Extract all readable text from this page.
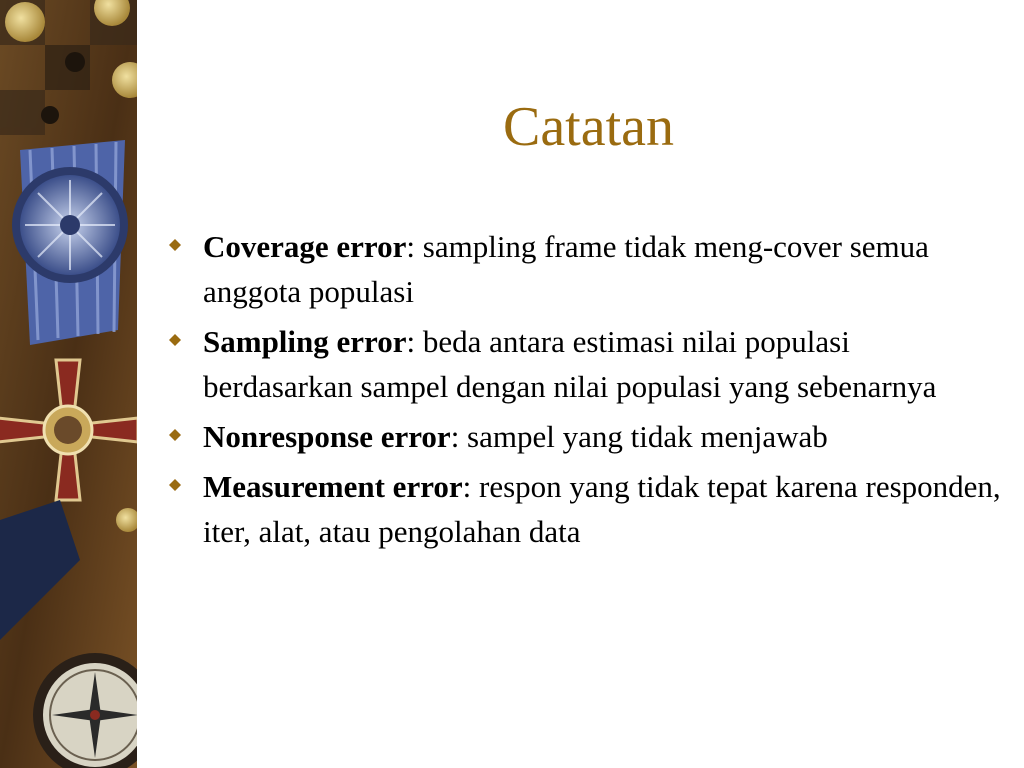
Catatan
Coverage error: sampling frame tidak meng-cover semua anggota populasi
Sampling error: beda antara estimasi nilai populasi berdasarkan sampel dengan nilai populasi yang sebenarnya
Nonresponse error: sampel yang tidak menjawab
Measurement error: respon yang tidak tepat karena responden, iter, alat, atau pengolahan data
